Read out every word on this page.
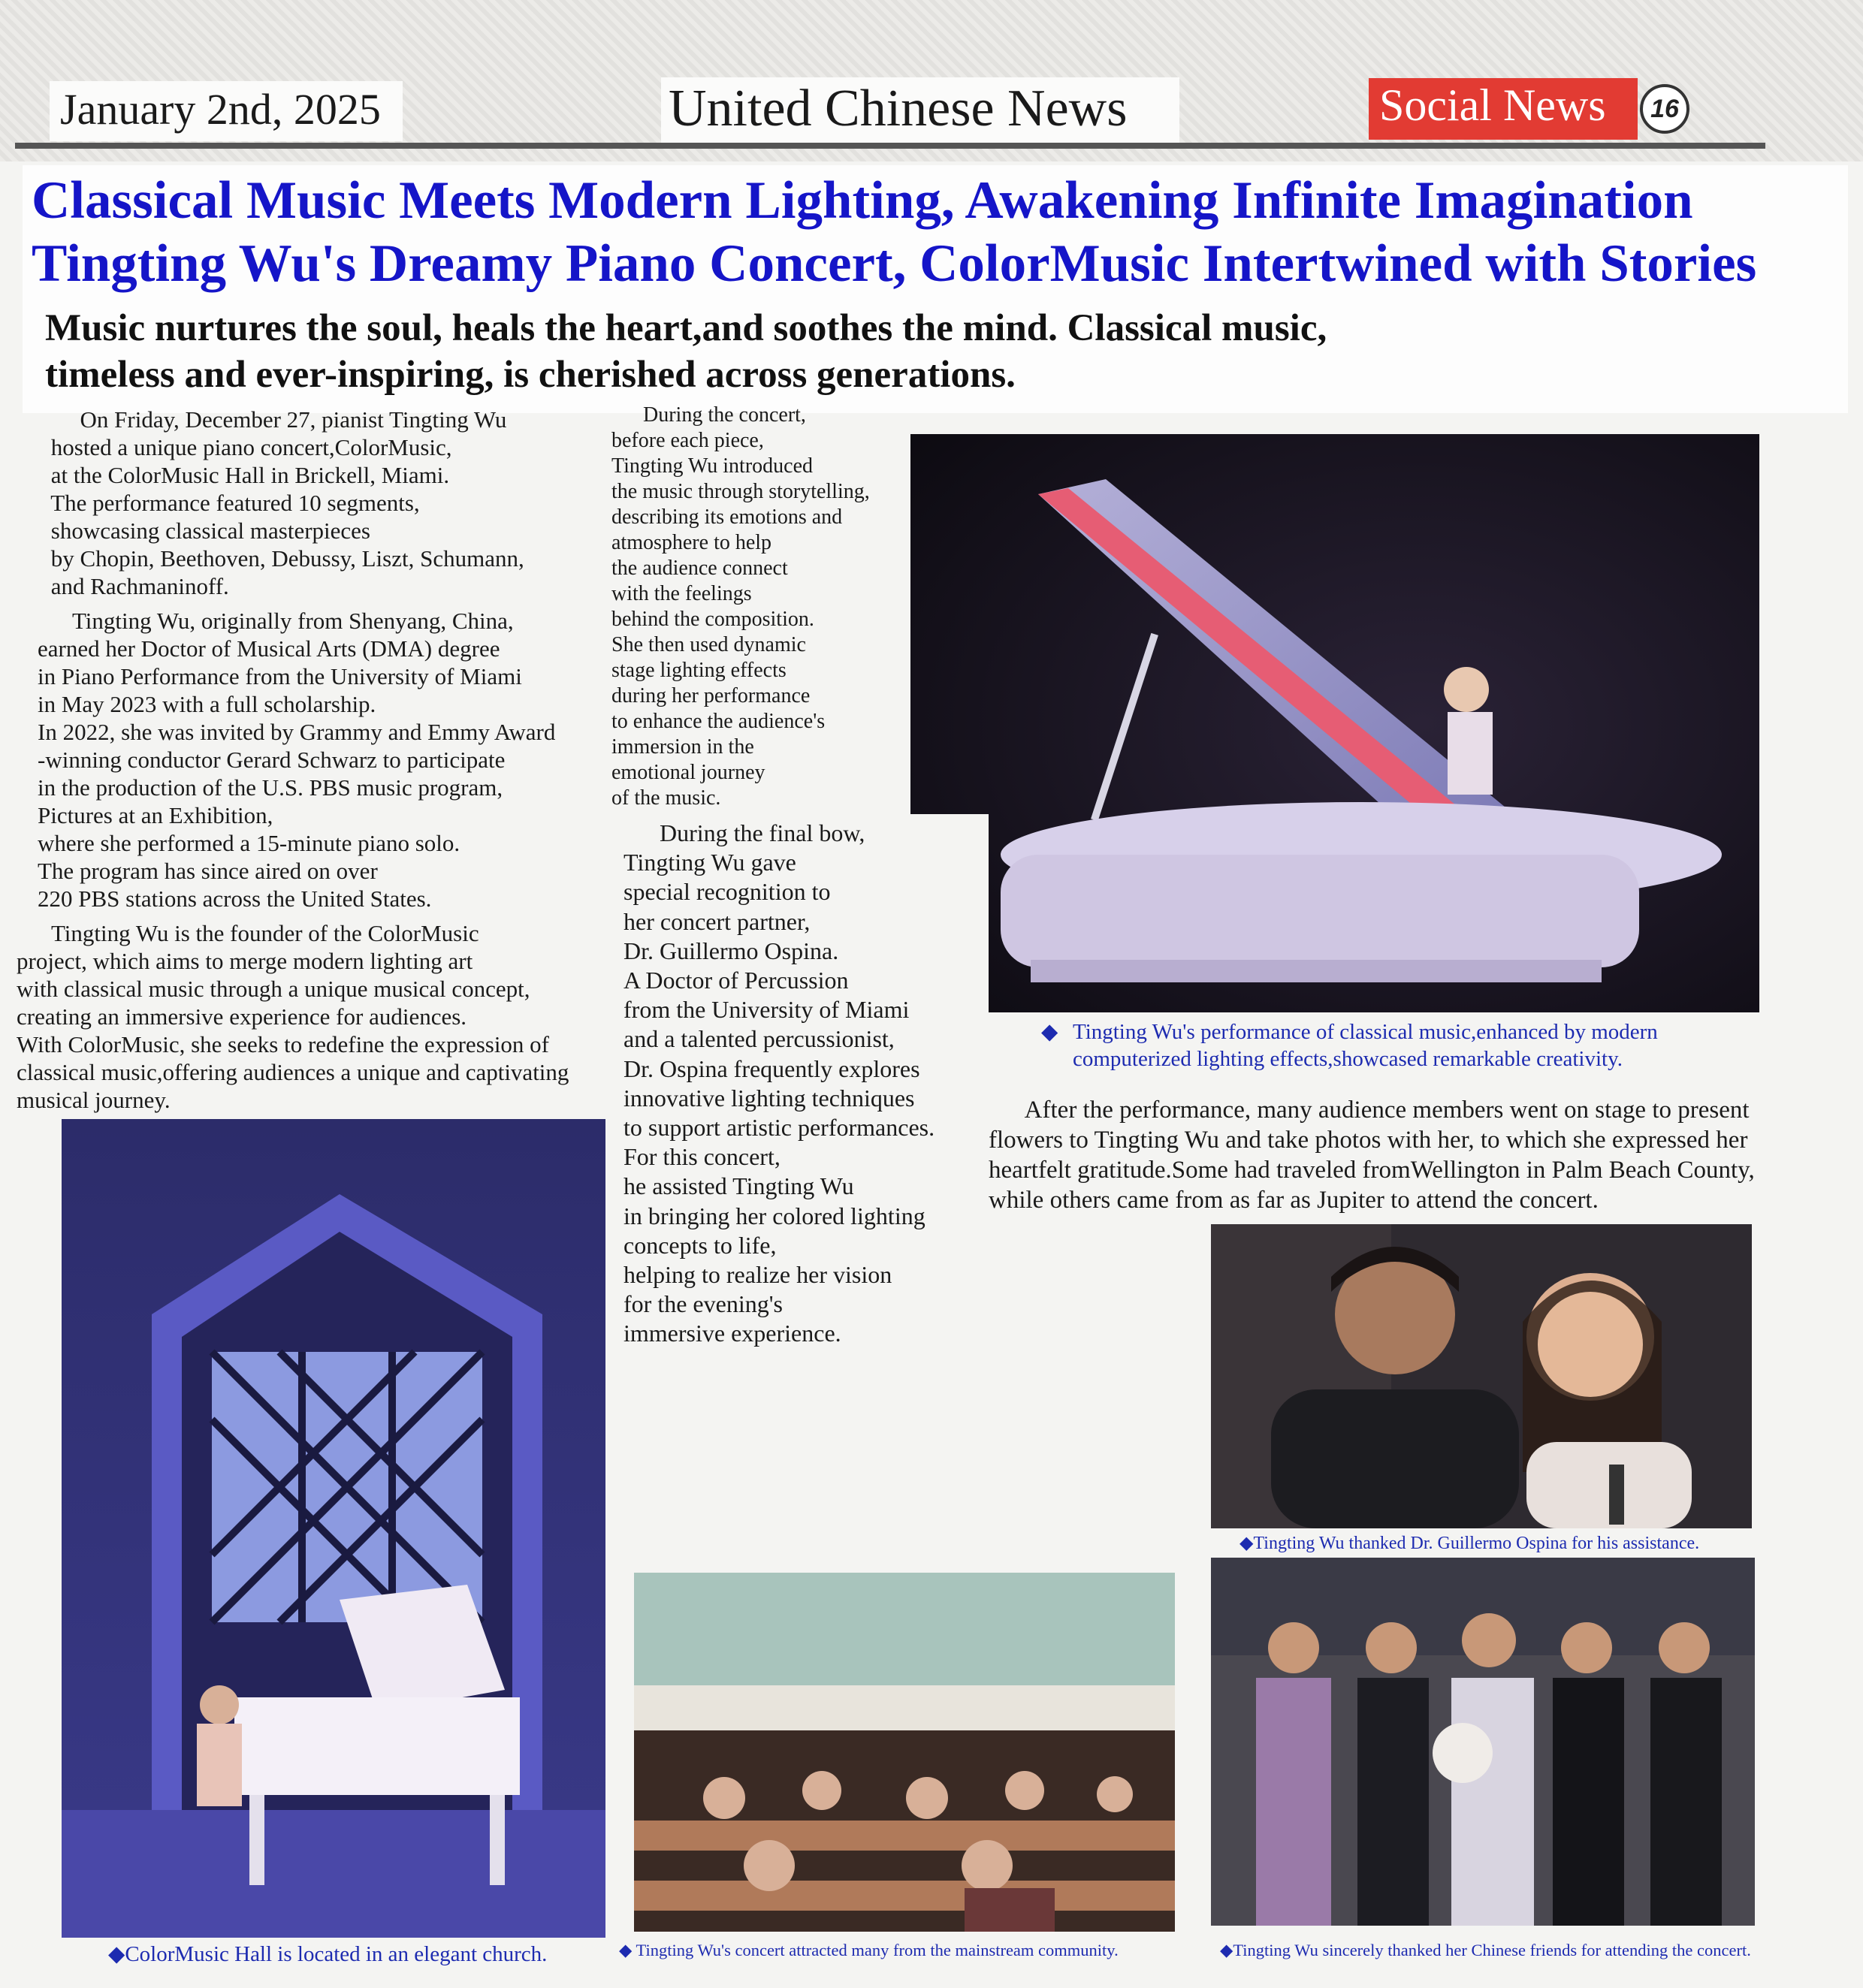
January 2nd, 2025	United Chinese News	Social News	16
Classical Music Meets Modern Lighting, Awakening Infinite Imagination
Tingting Wu's Dreamy Piano Concert, ColorMusic Intertwined with Stories
Music nurtures the soul, heals the heart,and soothes the mind. Classical music,
timeless and ever-inspiring, is cherished across generations.
On Friday, December 27, pianist Tingting Wu
hosted a unique piano concert,ColorMusic,
at the ColorMusic Hall in Brickell, Miami.
The performance featured 10 segments,
showcasing classical masterpieces
by Chopin, Beethoven, Debussy, Liszt, Schumann,
and Rachmaninoff.
Tingting Wu, originally from Shenyang, China,
earned her Doctor of Musical Arts (DMA) degree
in Piano Performance from the University of Miami
in May 2023 with a full scholarship.
In 2022, she was invited by Grammy and Emmy Award
-winning conductor Gerard Schwarz to participate
in the production of the U.S. PBS music program,
Pictures at an Exhibition,
where she performed a 15-minute piano solo.
The program has since aired on over
220 PBS stations across the United States.
Tingting Wu is the founder of the ColorMusic
project, which aims to merge modern lighting art
with classical music through a unique musical concept,
creating an immersive experience for audiences.
With ColorMusic, she seeks to redefine the expression of
classical music,offering audiences a unique and captivating
musical journey.
During the concert,
before each piece,
Tingting Wu introduced
the music through storytelling,
describing its emotions and
atmosphere to help
the audience connect
with the feelings
behind the composition.
She then used dynamic
stage lighting effects
during her performance
to enhance the audience's
immersion in the
emotional journey
of the music.
During the final bow,
Tingting Wu gave
special recognition to
her concert partner,
Dr. Guillermo Ospina.
A Doctor of Percussion
from the University of Miami
and a talented percussionist,
Dr. Ospina frequently explores
innovative lighting techniques
to support artistic performances.
For this concert,
he assisted Tingting Wu
in bringing her colored lighting
concepts to life,
helping to realize her vision
for the evening's
immersive experience.
After the performance, many audience members went on stage to present
flowers to Tingting Wu and take photos with her, to which she expressed her
heartfelt gratitude.Some had traveled fromWellington in Palm Beach County,
while others came from as far as Jupiter to attend the concert.
◆ Tingting Wu's performance of classical music,enhanced by modern
computerized lighting effects,showcased remarkable creativity.
◆Tingting Wu thanked Dr. Guillermo Ospina for his assistance.
◆ColorMusic Hall is located in an elegant church.	◆ Tingting Wu's concert attracted many from the mainstream community.	◆Tingting Wu sincerely thanked her Chinese friends for attending the concert.
